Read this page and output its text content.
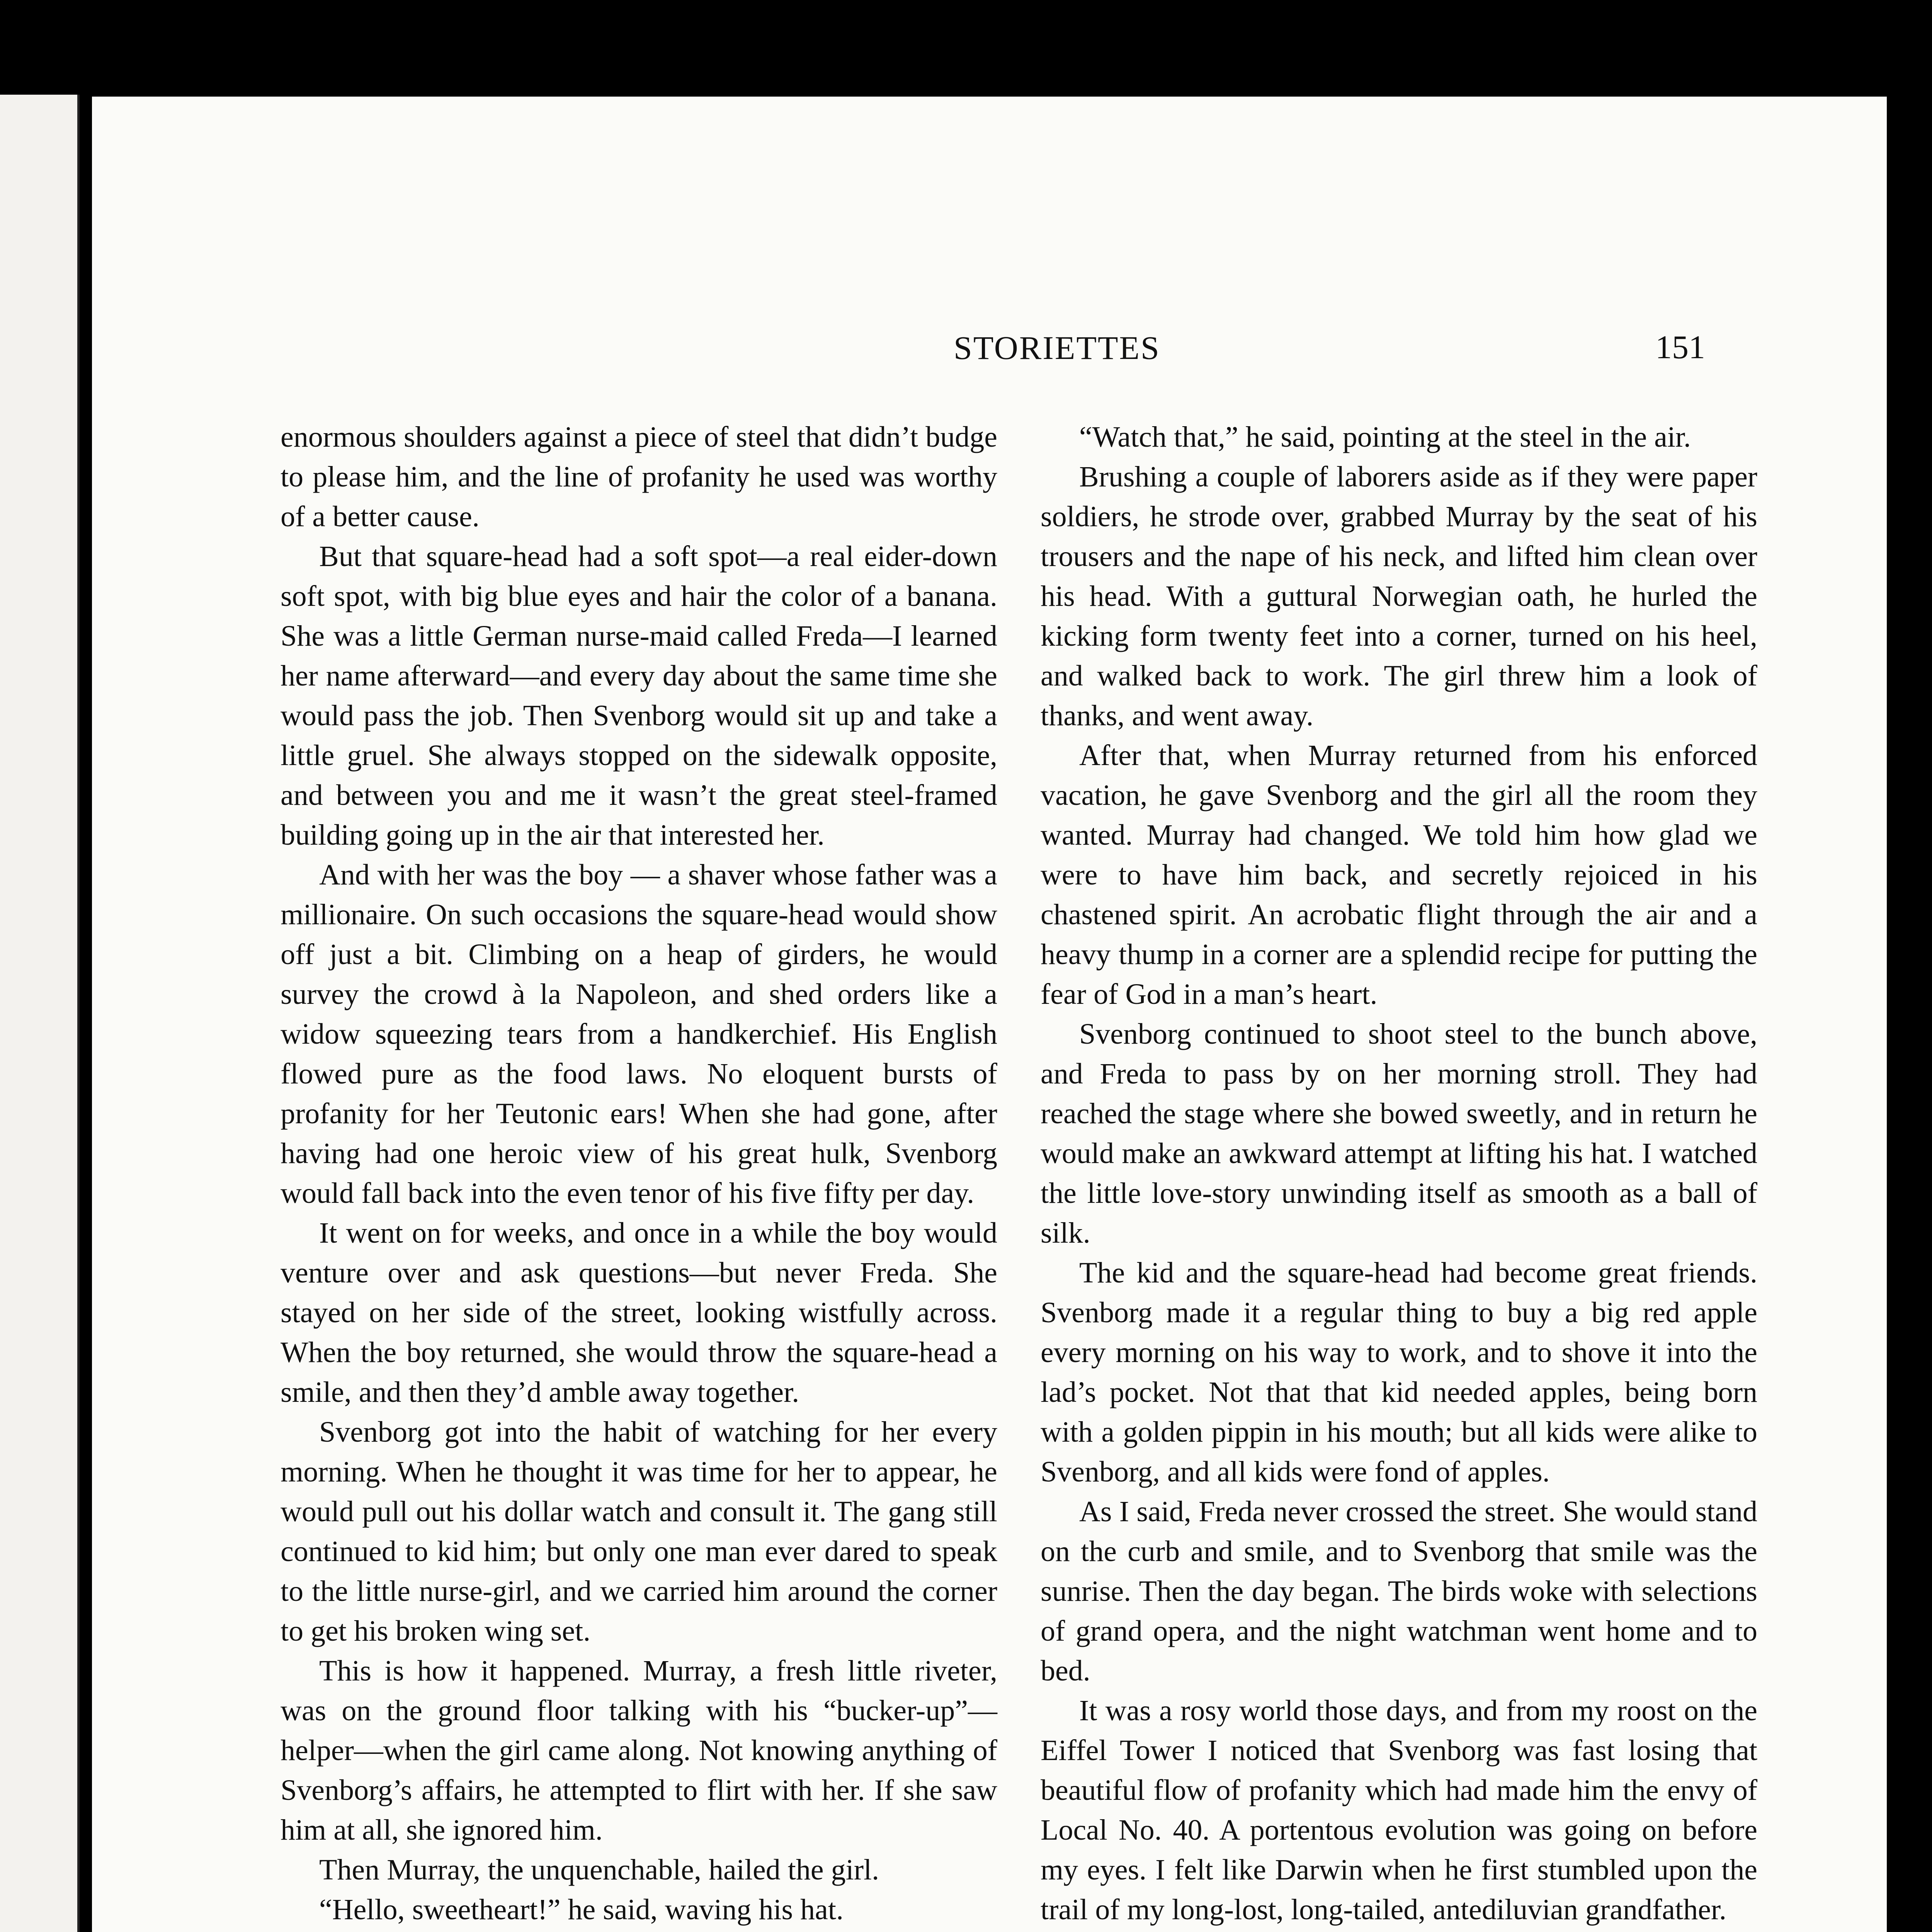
STORIETTES	151

enormous shoulders against a piece of steel that didn’t budge to please him, and the line of profanity he used was worthy of a better cause.

But that square-head had a soft spot—a real eider-down soft spot, with big blue eyes and hair the color of a banana. She was a little German nurse-maid called Freda—I learned her name afterward—and every day about the same time she would pass the job. Then Svenborg would sit up and take a little gruel. She always stopped on the sidewalk opposite, and between you and me it wasn’t the great steel-framed building going up in the air that interested her.

And with her was the boy — a shaver whose father was a millionaire. On such occasions the square-head would show off just a bit. Climbing on a heap of girders, he would survey the crowd à la Napoleon, and shed orders like a widow squeezing tears from a handkerchief. His English flowed pure as the food laws. No eloquent bursts of profanity for her Teutonic ears! When she had gone, after having had one heroic view of his great hulk, Svenborg would fall back into the even tenor of his five fifty per day.

It went on for weeks, and once in a while the boy would venture over and ask questions—but never Freda. She stayed on her side of the street, looking wistfully across. When the boy returned, she would throw the square-head a smile, and then they’d amble away together.

Svenborg got into the habit of watching for her every morning. When he thought it was time for her to appear, he would pull out his dollar watch and consult it. The gang still continued to kid him; but only one man ever dared to speak to the little nurse-girl, and we carried him around the corner to get his broken wing set.

This is how it happened. Murray, a fresh little riveter, was on the ground floor talking with his “bucker-up”—helper—when the girl came along. Not knowing anything of Svenborg’s affairs, he attempted to flirt with her. If she saw him at all, she ignored him.

Then Murray, the unquenchable, hailed the girl.

“Hello, sweetheart!” he said, waving his hat.

“Watch that,” he said, pointing at the steel in the air.

Brushing a couple of laborers aside as if they were paper soldiers, he strode over, grabbed Murray by the seat of his trousers and the nape of his neck, and lifted him clean over his head. With a guttural Norwegian oath, he hurled the kicking form twenty feet into a corner, turned on his heel, and walked back to work. The girl threw him a look of thanks, and went away.

After that, when Murray returned from his enforced vacation, he gave Svenborg and the girl all the room they wanted. Murray had changed. We told him how glad we were to have him back, and secretly rejoiced in his chastened spirit. An acrobatic flight through the air and a heavy thump in a corner are a splendid recipe for putting the fear of God in a man’s heart.

Svenborg continued to shoot steel to the bunch above, and Freda to pass by on her morning stroll. They had reached the stage where she bowed sweetly, and in return he would make an awkward attempt at lifting his hat. I watched the little love-story unwinding itself as smooth as a ball of silk.

The kid and the square-head had become great friends. Svenborg made it a regular thing to buy a big red apple every morning on his way to work, and to shove it into the lad’s pocket. Not that that kid needed apples, being born with a golden pippin in his mouth; but all kids were alike to Svenborg, and all kids were fond of apples.

As I said, Freda never crossed the street. She would stand on the curb and smile, and to Svenborg that smile was the sunrise. Then the day began. The birds woke with selections of grand opera, and the night watchman went home and to bed.

It was a rosy world those days, and from my roost on the Eiffel Tower I noticed that Svenborg was fast losing that beautiful flow of profanity which had made him the envy of Local No. 40. A portentous evolution was going on before my eyes. I felt like Darwin when he first stumbled upon the trail of my long-lost, long-tailed, antediluvian grandfather.
